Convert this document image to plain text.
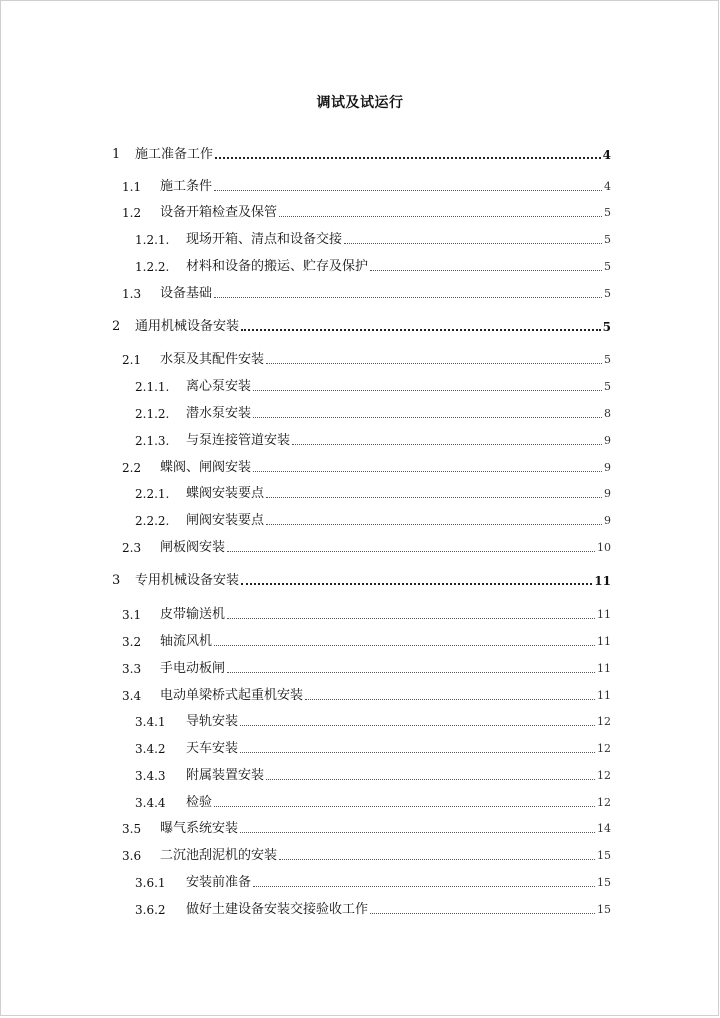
调试及试运行
1	施工准备工作	4
1.1	施工条件	4
1.2	设备开箱检查及保管	5
1.2.1.	现场开箱、清点和设备交接	5
1.2.2.	材料和设备的搬运、贮存及保护	5
1.3	设备基础	5
2	通用机械设备安装	5
2.1	水泵及其配件安装	5
2.1.1.	离心泵安装	5
2.1.2.	潜水泵安装	8
2.1.3.	与泵连接管道安装	9
2.2	蝶阀、闸阀安装	9
2.2.1.	蝶阀安装要点	9
2.2.2.	闸阀安装要点	9
2.3	闸板阀安装	10
3	专用机械设备安装	11
3.1	皮带输送机	11
3.2	轴流风机	11
3.3	手电动板闸	11
3.4	电动单梁桥式起重机安装	11
3.4.1	导轨安装	12
3.4.2	天车安装	12
3.4.3	附属装置安装	12
3.4.4	检验	12
3.5	曝气系统安装	14
3.6	二沉池刮泥机的安装	15
3.6.1	安装前准备	15
3.6.2	做好土建设备安装交接验收工作	15
